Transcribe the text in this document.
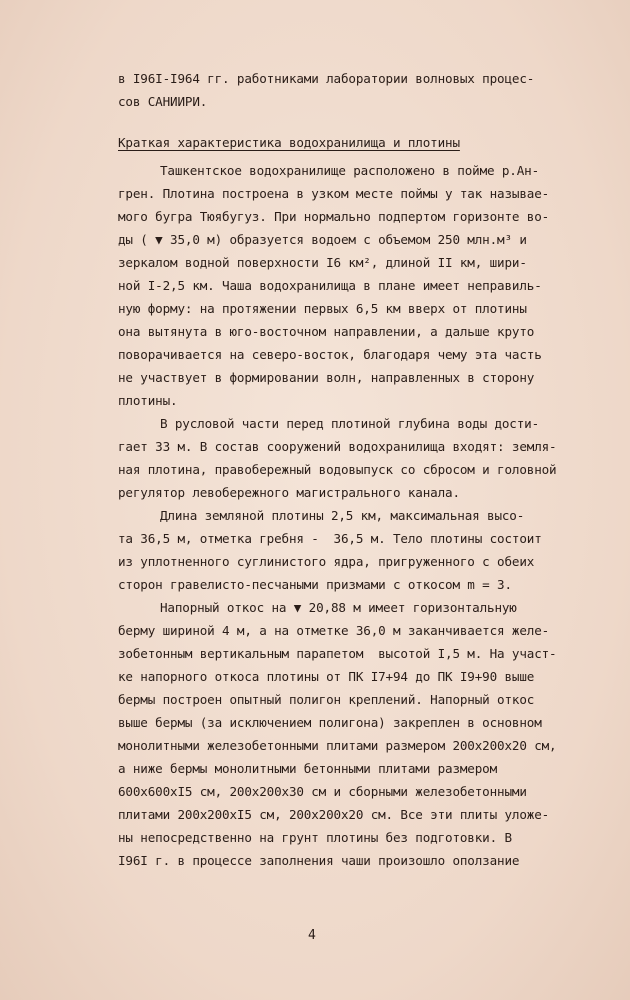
в I96I-I964 гг. работниками лаборатории волновых процес-
сов САНИИРИ.
Краткая характеристика водохранилища и плотины
Ташкентское водохранилище расположено в пойме р.Ан-
грен. Плотина построена в узком месте поймы у так называе-
мого бугра Тюябугуз. При нормально подпертом горизонте во-
ды ( ▼ 35,0 м) образуется водоем с объемом 250 млн.м³ и
зеркалом водной поверхности I6 км², длиной II км, шири-
ной I-2,5 км. Чаша водохранилища в плане имеет неправиль-
ную форму: на протяжении первых 6,5 км вверх от плотины
она вытянута в юго-восточном направлении, а дальше круто
поворачивается на северо-восток, благодаря чему эта часть
не участвует в формировании волн, направленных в сторону
плотины.
В русловой части перед плотиной глубина воды дости-
гает 33 м. В состав сооружений водохранилища входят: земля-
ная плотина, правобережный водовыпуск со сбросом и головной
регулятор левобережного магистрального канала.
Длина земляной плотины 2,5 км, максимальная высо-
та 36,5 м, отметка гребня -  36,5 м. Тело плотины состоит
из уплотненного суглинистого ядра, пригруженного с обеих
сторон гравелисто-песчаными призмами с откосом m = 3.
Напорный откос на ▼ 20,88 м имеет горизонтальную
берму шириной 4 м, а на отметке 36,0 м заканчивается желе-
зобетонным вертикальным парапетом  высотой I,5 м. На участ-
ке напорного откоса плотины от ПК I7+94 до ПК I9+90 выше
бермы построен опытный полигон креплений. Напорный откос
выше бермы (за исключением полигона) закреплен в основном
монолитными железобетонными плитами размером 200х200х20 см,
а ниже бермы монолитными бетонными плитами размером
600х600хI5 см, 200х200х30 см и сборными железобетонными
плитами 200х200хI5 см, 200х200х20 см. Все эти плиты уложе-
ны непосредственно на грунт плотины без подготовки. В
I96I г. в процессе заполнения чаши произошло оползание
4
